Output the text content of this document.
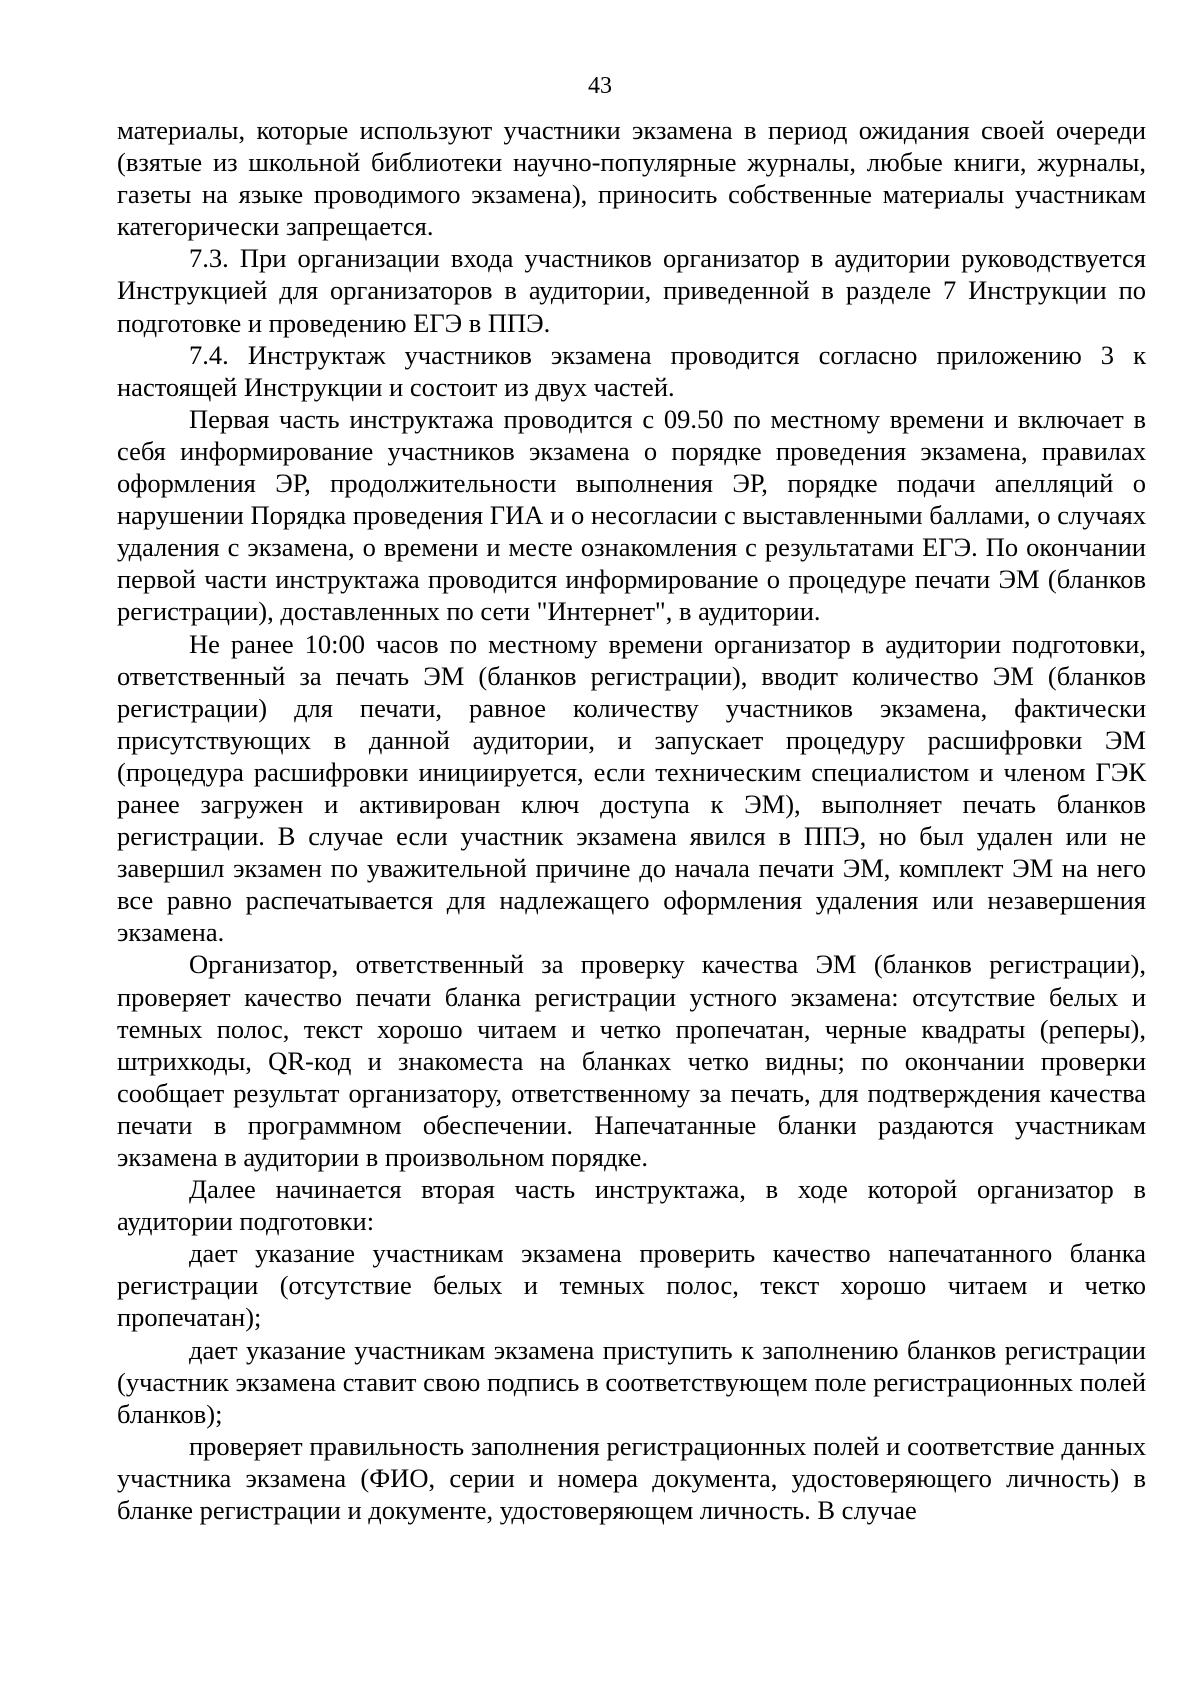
43

материалы, которые используют участники экзамена в период ожидания своей очереди (взятые из школьной библиотеки научно-популярные журналы, любые книги, журналы, газеты на языке проводимого экзамена), приносить собственные материалы участникам категорически запрещается.

7.3. При организации входа участников организатор в аудитории руководствуется Инструкцией для организаторов в аудитории, приведенной в разделе 7 Инструкции по подготовке и проведению ЕГЭ в ППЭ.

7.4. Инструктаж участников экзамена проводится согласно приложению 3 к настоящей Инструкции и состоит из двух частей.

Первая часть инструктажа проводится с 09.50 по местному времени и включает в себя информирование участников экзамена о порядке проведения экзамена, правилах оформления ЭР, продолжительности выполнения ЭР, порядке подачи апелляций о нарушении Порядка проведения ГИА и о несогласии с выставленными баллами, о случаях удаления с экзамена, о времени и месте ознакомления с результатами ЕГЭ. По окончании первой части инструктажа проводится информирование о процедуре печати ЭМ (бланков регистрации), доставленных по сети "Интернет", в аудитории.

Не ранее 10:00 часов по местному времени организатор в аудитории подготовки, ответственный за печать ЭМ (бланков регистрации), вводит количество ЭМ (бланков регистрации) для печати, равное количеству участников экзамена, фактически присутствующих в данной аудитории, и запускает процедуру расшифровки ЭМ (процедура расшифровки инициируется, если техническим специалистом и членом ГЭК ранее загружен и активирован ключ доступа к ЭМ), выполняет печать бланков регистрации. В случае если участник экзамена явился в ППЭ, но был удален или не завершил экзамен по уважительной причине до начала печати ЭМ, комплект ЭМ на него все равно распечатывается для надлежащего оформления удаления или незавершения экзамена.

Организатор, ответственный за проверку качества ЭМ (бланков регистрации), проверяет качество печати бланка регистрации устного экзамена: отсутствие белых и темных полос, текст хорошо читаем и четко пропечатан, черные квадраты (реперы), штрихкоды, QR-код и знакоместа на бланках четко видны; по окончании проверки сообщает результат организатору, ответственному за печать, для подтверждения качества печати в программном обеспечении. Напечатанные бланки раздаются участникам экзамена в аудитории в произвольном порядке.

Далее начинается вторая часть инструктажа, в ходе которой организатор в аудитории подготовки:

дает указание участникам экзамена проверить качество напечатанного бланка регистрации (отсутствие белых и темных полос, текст хорошо читаем и четко пропечатан);

дает указание участникам экзамена приступить к заполнению бланков регистрации (участник экзамена ставит свою подпись в соответствующем поле регистрационных полей бланков);

проверяет правильность заполнения регистрационных полей и соответствие данных участника экзамена (ФИО, серии и номера документа, удостоверяющего личность) в бланке регистрации и документе, удостоверяющем личность. В случае
